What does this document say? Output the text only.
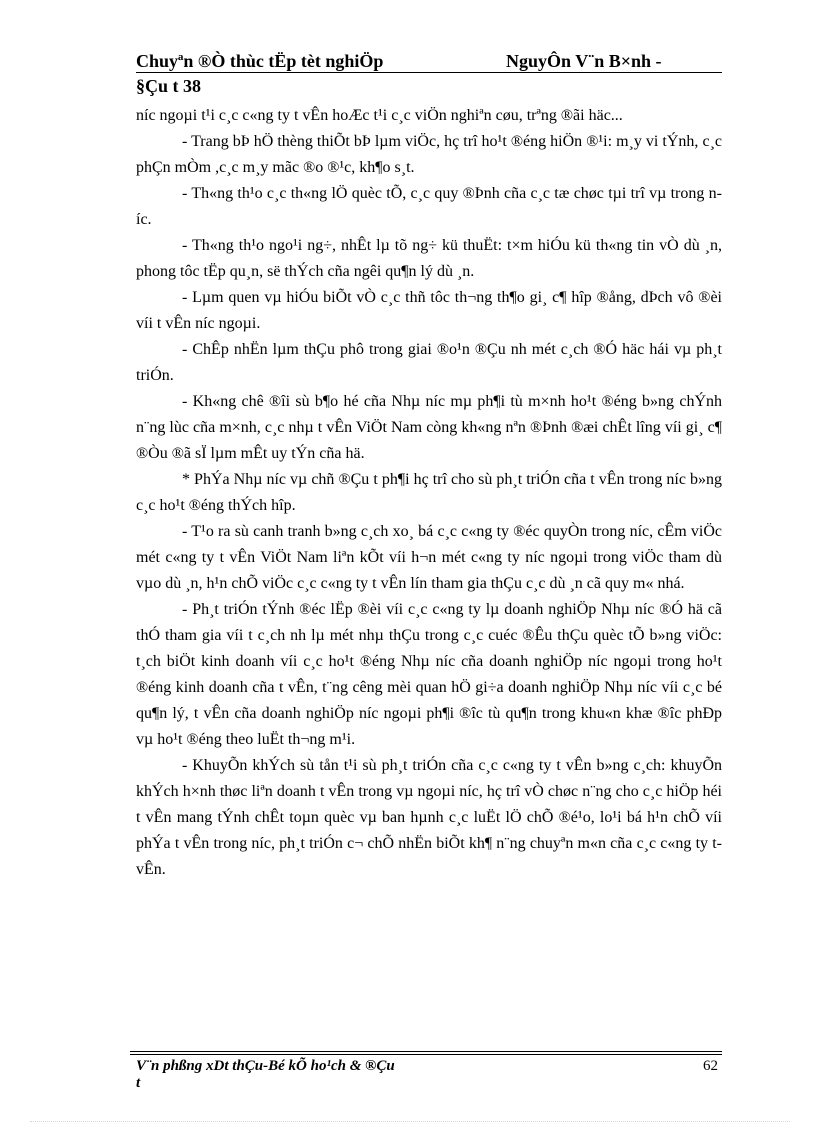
Chuyªn ®Ò thùc tËp tèt nghiÖp	NguyÔn V¨n B×nh -
§Çu t 38

níc ngoµi t¹i c¸c c«ng ty t vÊn hoÆc t¹i c¸c viÖn nghiªn cøu, trªng ®ãi häc...

- Trang bÞ hÖ thèng thiÕt bÞ lµm viÖc, hç trî ho¹t ®éng hiÖn ®¹i: m¸y vi tÝnh, c¸c phÇn mÒm ,c¸c m¸y mãc ®o ®¹c, kh¶o s¸t.

- Th«ng th¹o c¸c th«ng lÖ quèc tÕ, c¸c quy ®Þnh cña c¸c tæ chøc tµi trî vµ trong níc.

- Th«ng th¹o ngo¹i ng÷, nhÊt lµ tõ ng÷ kü thuËt: t×m hiÓu kü th«ng tin vÒ dù ¸n, phong tôc tËp qu¸n, së thÝch cña ngêi qu¶n lý dù ¸n.

- Lµm quen vµ hiÓu biÕt vÒ c¸c thñ tôc th¬ng th¶o gi¸ c¶ hîp ®ång, dÞch vô ®èi víi t vÊn níc ngoµi.

- ChÊp nhËn lµm thÇu phô trong giai ®o¹n ®Çu nh mét c¸ch ®Ó häc hái vµ ph¸t triÓn.

- Kh«ng chê ®îi sù b¶o hé cña Nhµ níc mµ ph¶i tù m×nh ho¹t ®éng b»ng chÝnh n¨ng lùc cña m×nh, c¸c nhµ t vÊn ViÖt Nam còng kh«ng nªn ®Þnh ®æi chÊt lîng víi gi¸ c¶ ®Òu ®ã sÏ lµm mÊt uy tÝn cña hä.

* PhÝa Nhµ níc vµ chñ ®Çu t ph¶i hç trî cho sù ph¸t triÓn cña t vÊn trong níc b»ng c¸c ho¹t ®éng thÝch hîp.

- T¹o ra sù canh tranh b»ng c¸ch xo¸ bá c¸c c«ng ty ®éc quyÒn trong níc, cÊm viÖc mét c«ng ty t vÊn ViÖt Nam liªn kÕt víi h¬n mét c«ng ty níc ngoµi trong viÖc tham dù vµo dù ¸n, h¹n chÕ viÖc c¸c c«ng ty t vÊn lín tham gia thÇu c¸c dù ¸n cã quy m« nhá.

- Ph¸t triÓn tÝnh ®éc lËp ®èi víi c¸c c«ng ty lµ doanh nghiÖp Nhµ níc ®Ó hä cã thÓ tham gia víi t c¸ch nh lµ mét nhµ thÇu trong c¸c cuéc ®Êu thÇu quèc tÕ b»ng viÖc: t¸ch biÖt kinh doanh víi c¸c ho¹t ®éng Nhµ níc cña doanh nghiÖp níc ngoµi trong ho¹t ®éng kinh doanh cña t vÊn, t¨ng cêng mèi quan hÖ gi÷a doanh nghiÖp Nhµ níc víi c¸c bé qu¶n lý, t vÊn cña doanh nghiÖp níc ngoµi ph¶i ®îc tù qu¶n trong khu«n khæ ®îc phÐp vµ ho¹t ®éng theo luËt th¬ng m¹i.

- KhuyÕn khÝch sù tån t¹i sù ph¸t triÓn cña c¸c c«ng ty t vÊn b»ng c¸ch: khuyÕn khÝch h×nh thøc liªn doanh t vÊn trong vµ ngoµi níc, hç trî vÒ chøc n¨ng cho c¸c hiÖp héi t vÊn mang tÝnh chÊt toµn quèc vµ ban hµnh c¸c luËt lÖ chÕ ®é¹o, lo¹i bá h¹n chÕ víi phÝa t vÊn trong níc, ph¸t triÓn c¬ chÕ nhËn biÕt kh¶ n¨ng chuyªn m«n cña c¸c c«ng ty t vÊn.

V¨n phßng xDt thÇu-Bé kÕ ho¹ch & ®Çu t
62
